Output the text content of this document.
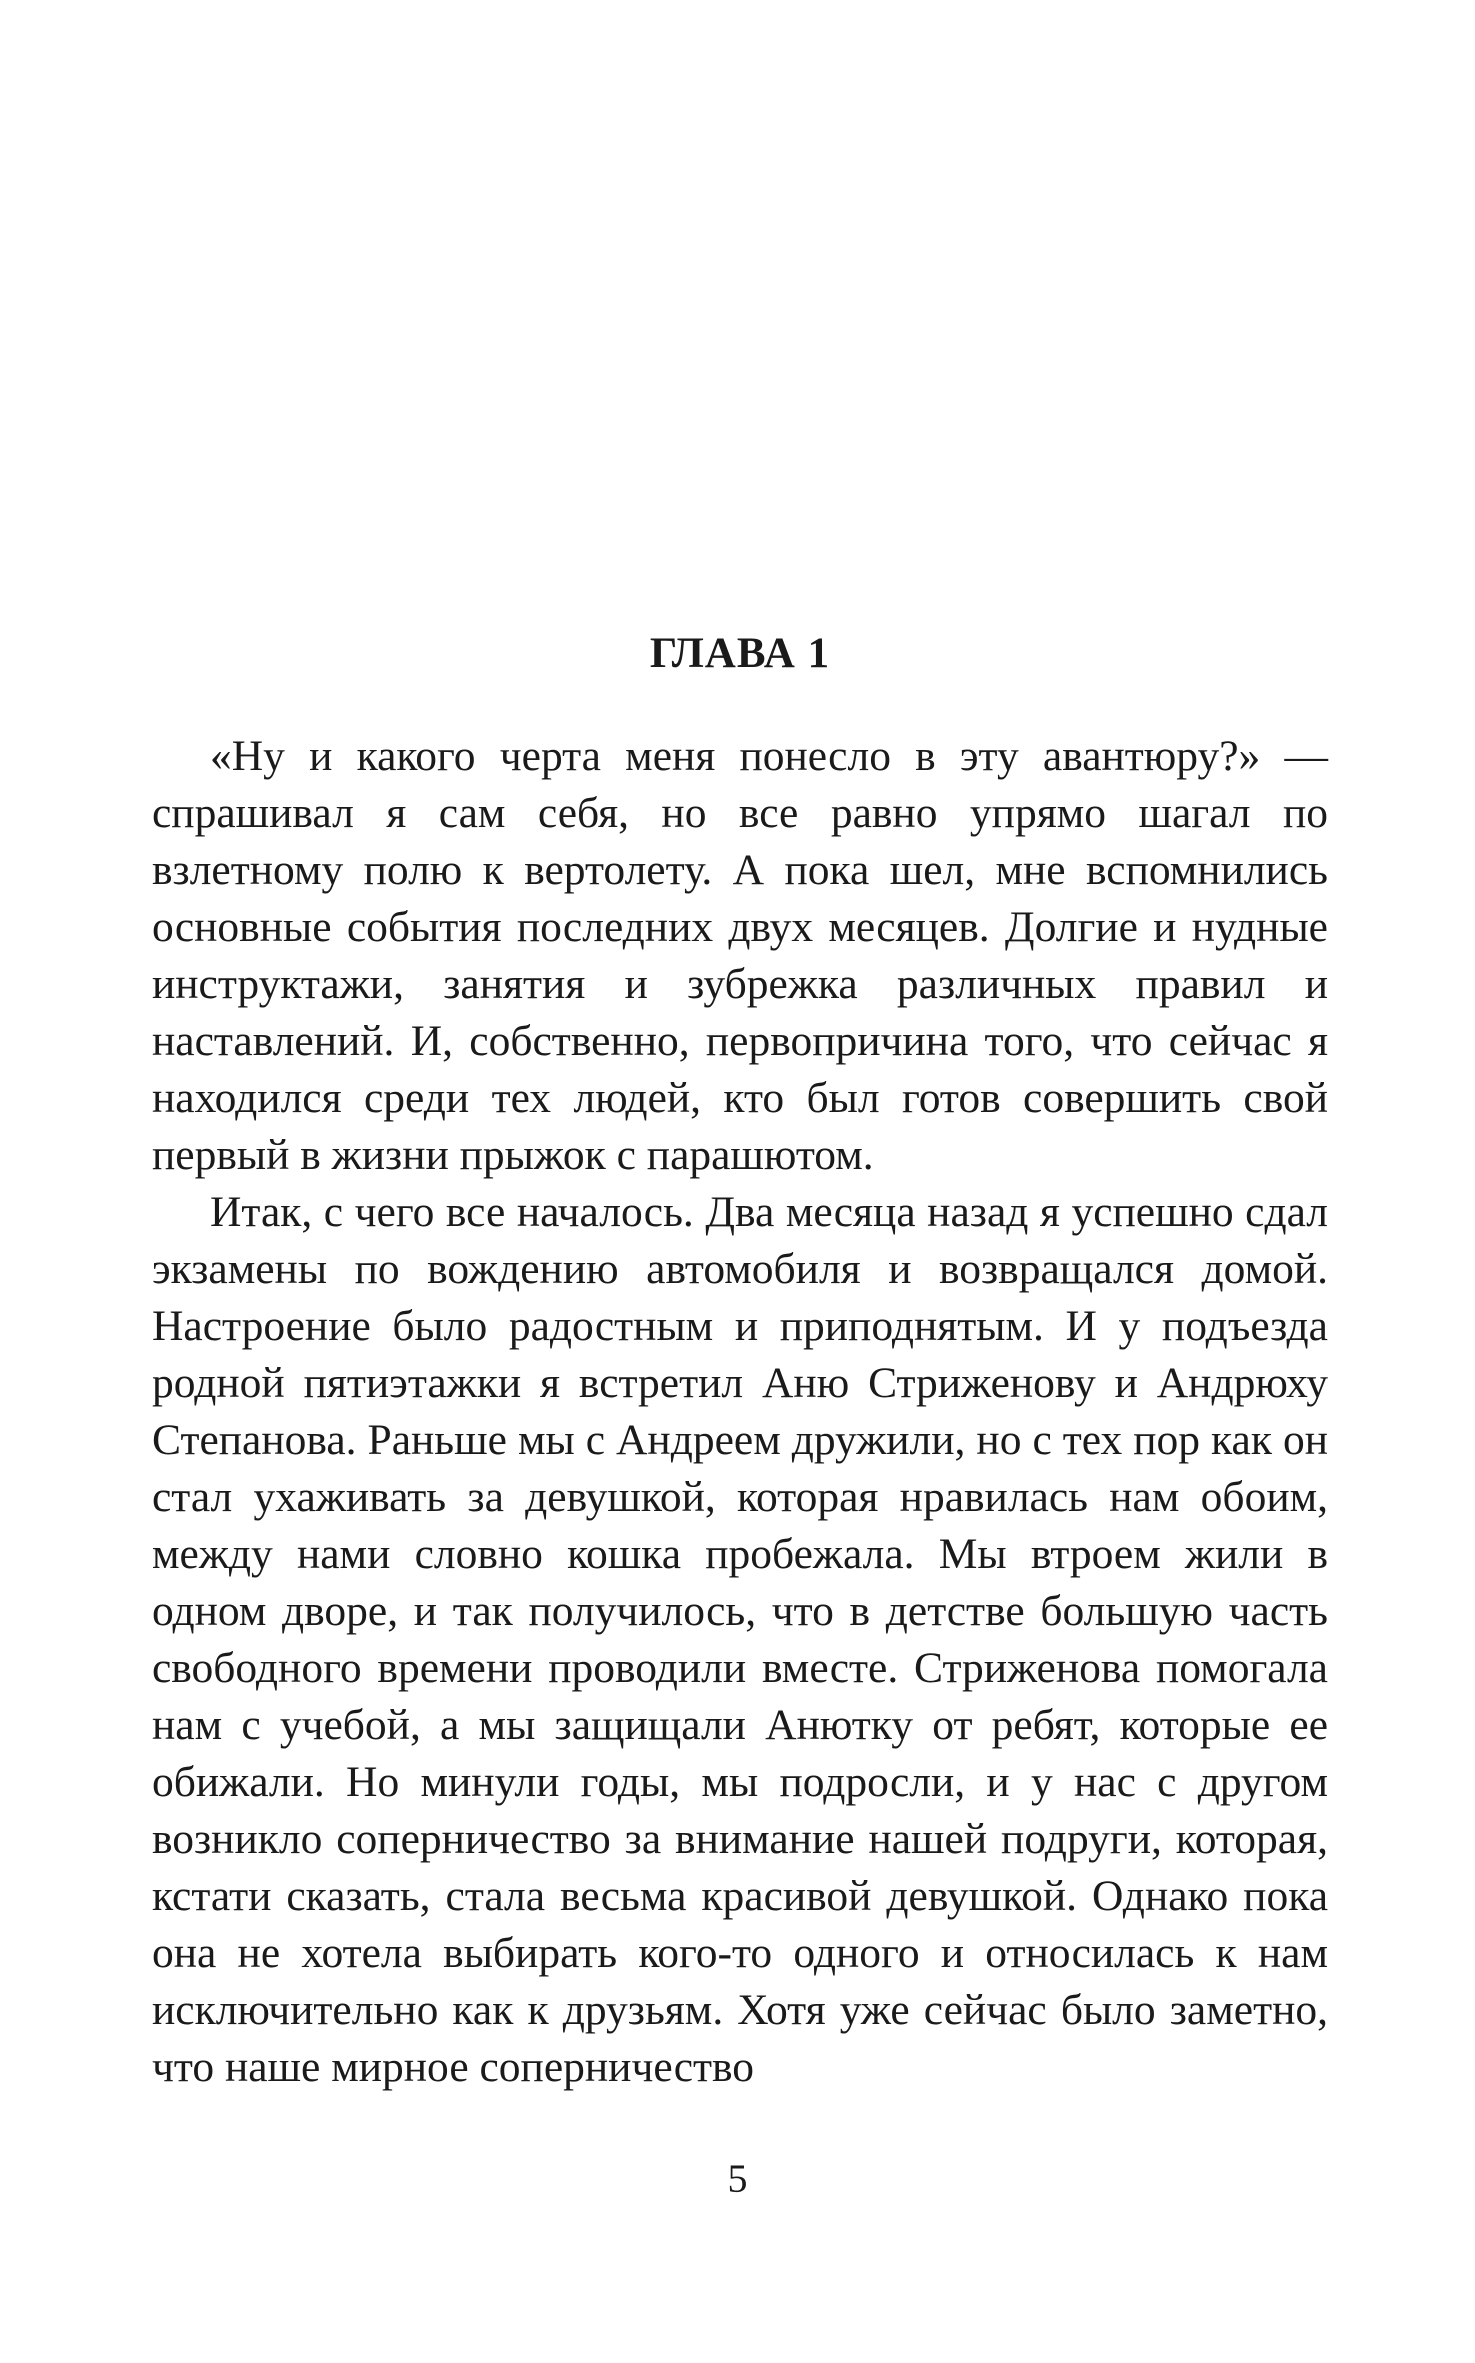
ГЛАВА 1

«Ну и какого черта меня понесло в эту авантюру?» — спрашивал я сам себя, но все равно упрямо шагал по взлетному полю к вертолету. А пока шел, мне вспомнились основные события последних двух месяцев. Долгие и нудные инструктажи, занятия и зубрежка различных правил и наставлений. И, собственно, первопричина того, что сейчас я находился среди тех людей, кто был готов совершить свой первый в жизни прыжок с парашютом.

Итак, с чего все началось. Два месяца назад я успешно сдал экзамены по вождению автомобиля и возвращался домой. Настроение было радостным и приподнятым. И у подъезда родной пятиэтажки я встретил Аню Стриженову и Андрюху Степанова. Раньше мы с Андреем дружили, но с тех пор как он стал ухаживать за девушкой, которая нравилась нам обоим, между нами словно кошка пробежала. Мы втроем жили в одном дворе, и так получилось, что в детстве большую часть свободного времени проводили вместе. Стриженова помогала нам с учебой, а мы защищали Анютку от ребят, которые ее обижали. Но минули годы, мы подросли, и у нас с другом возникло соперничество за внимание нашей подруги, которая, кстати сказать, стала весьма красивой девушкой. Однако пока она не хотела выбирать кого-то одного и относилась к нам исключительно как к друзьям. Хотя уже сейчас было заметно, что наше мирное соперничество

5
